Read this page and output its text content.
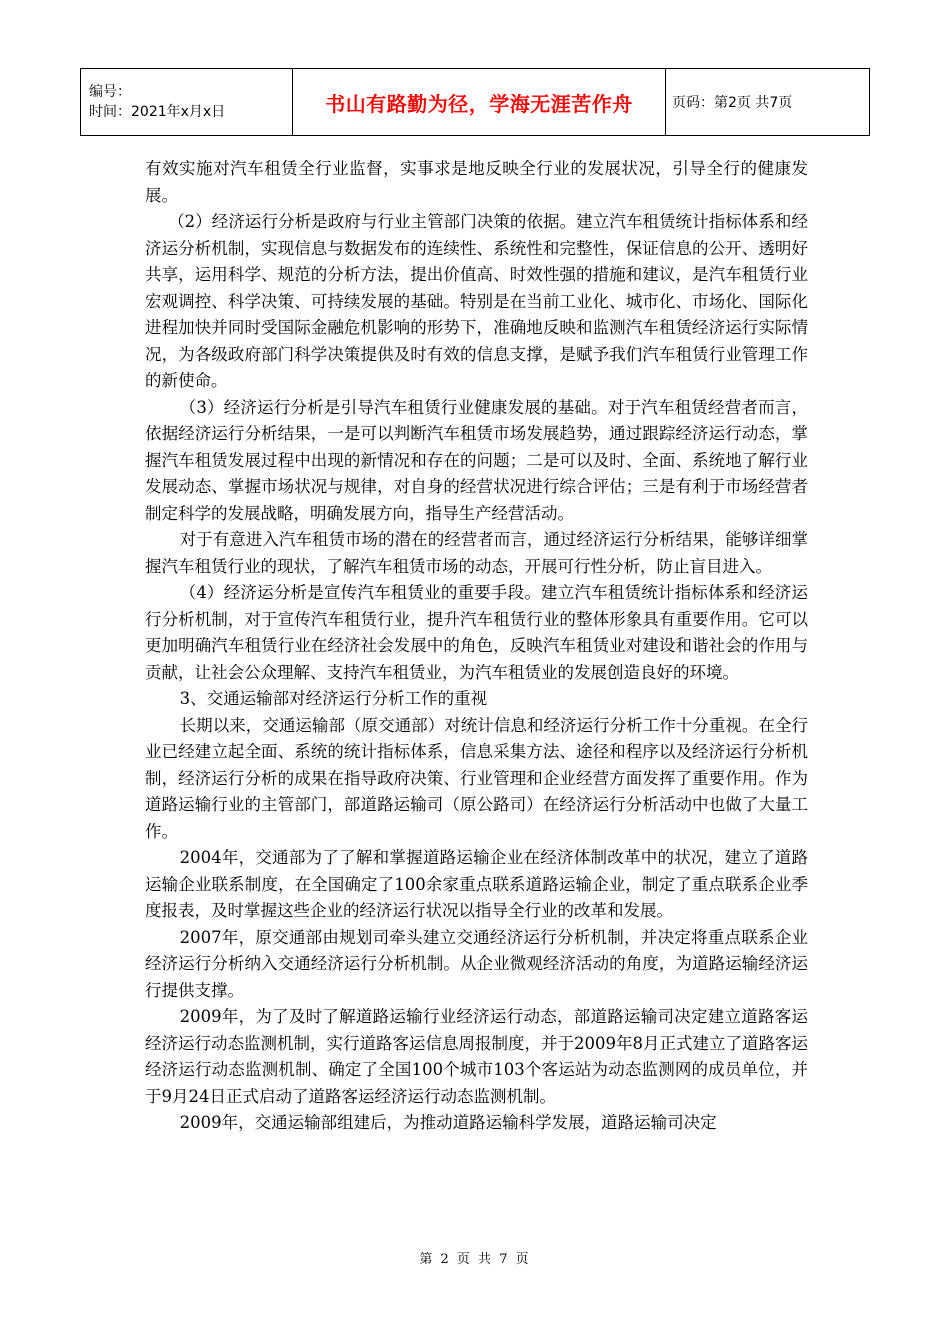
编号：
时间：2021年x月x日	书山有路勤为径，学海无涯苦作舟	页码：第2页 共7页

有效实施对汽车租赁全行业监督，实事求是地反映全行业的发展状况，引导全行的健康发展。

（2）经济运行分析是政府与行业主管部门决策的依据。建立汽车租赁统计指标体系和经济运分析机制，实现信息与数据发布的连续性、系统性和完整性，保证信息的公开、透明好共享，运用科学、规范的分析方法，提出价值高、时效性强的措施和建议，是汽车租赁行业宏观调控、科学决策、可持续发展的基础。特别是在当前工业化、城市化、市场化、国际化进程加快并同时受国际金融危机影响的形势下，准确地反映和监测汽车租赁经济运行实际情况，为各级政府部门科学决策提供及时有效的信息支撑，是赋予我们汽车租赁行业管理工作的新使命。

（3）经济运行分析是引导汽车租赁行业健康发展的基础。对于汽车租赁经营者而言，依据经济运行分析结果，一是可以判断汽车租赁市场发展趋势，通过跟踪经济运行动态，掌握汽车租赁发展过程中出现的新情况和存在的问题；二是可以及时、全面、系统地了解行业发展动态、掌握市场状况与规律，对自身的经营状况进行综合评估；三是有利于市场经营者制定科学的发展战略，明确发展方向，指导生产经营活动。

对于有意进入汽车租赁市场的潜在的经营者而言，通过经济运行分析结果，能够详细掌握汽车租赁行业的现状，了解汽车租赁市场的动态，开展可行性分析，防止盲目进入。

（4）经济运分析是宣传汽车租赁业的重要手段。建立汽车租赁统计指标体系和经济运行分析机制，对于宣传汽车租赁行业，提升汽车租赁行业的整体形象具有重要作用。它可以更加明确汽车租赁行业在经济社会发展中的角色，反映汽车租赁业对建设和谐社会的作用与贡献，让社会公众理解、支持汽车租赁业，为汽车租赁业的发展创造良好的环境。

3、交通运输部对经济运行分析工作的重视

长期以来，交通运输部（原交通部）对统计信息和经济运行分析工作十分重视。在全行业已经建立起全面、系统的统计指标体系，信息采集方法、途径和程序以及经济运行分析机制，经济运行分析的成果在指导政府决策、行业管理和企业经营方面发挥了重要作用。作为道路运输行业的主管部门，部道路运输司（原公路司）在经济运行分析活动中也做了大量工作。

2004年，交通部为了了解和掌握道路运输企业在经济体制改革中的状况，建立了道路运输企业联系制度，在全国确定了100余家重点联系道路运输企业，制定了重点联系企业季度报表，及时掌握这些企业的经济运行状况以指导全行业的改革和发展。

2007年，原交通部由规划司牵头建立交通经济运行分析机制，并决定将重点联系企业经济运行分析纳入交通经济运行分析机制。从企业微观经济活动的角度，为道路运输经济运行提供支撑。

2009年，为了及时了解道路运输行业经济运行动态，部道路运输司决定建立道路客运经济运行动态监测机制，实行道路客运信息周报制度，并于2009年8月正式建立了道路客运经济运行动态监测机制、确定了全国100个城市103个客运站为动态监测网的成员单位，并于9月24日正式启动了道路客运经济运行动态监测机制。

2009年，交通运输部组建后，为推动道路运输科学发展，道路运输司决定

第 2 页 共 7 页
